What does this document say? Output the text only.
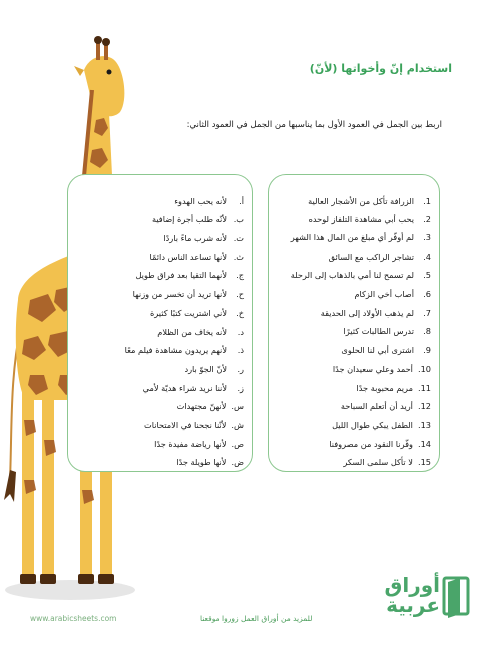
استخدام إنّ وأخواتها (لأنّ)
اربط بين الجمل في العمود الأول بما يناسبها من الجمل في العمود الثاني:
1.
الزرافة تأكل من الأشجار العالية
2.
يحب أبي مشاهدة التلفاز لوحده
3.
لم أوفّر أي مبلغ من المال هذا الشهر
4.
تشاجر الراكب مع السائق
5.
لم تسمح لنا أمي بالذهاب إلى الرحلة
6.
أصاب أخي الزكام
7.
لم يذهب الأولاد إلى الحديقة
8.
تدرس الطالبات كثيرًا
9.
اشترى أبي لنا الحلوى
10.
أحمد وعلي سعيدان جدًا
11.
مريم محبوبة جدًا
12.
أريد أن أتعلم السباحة
13.
الطفل يبكي طوال الليل
14.
وفّرنا النقود من مصروفنا
15.
لا تأكل سلمى السكر
أ.
لأنه يحب الهدوء
ب.
لأنّه طلب أجرة إضافية
ت.
لأنه شرب ماءً باردًا
ث.
لأنها تساعد الناس دائمًا
ج.
لأنهما التقيا بعد فراق طويل
ح.
لأنها تريد أن تخسر من وزنها
خ.
لأني اشتريت كتبًا كثيرة
د.
لأنه يخاف من الظلام
ذ.
لأنهم يريدون مشاهدة فيلم معًا
ر.
لأنّ الجوّ بارد
ز.
لأننا نريد شراء هديّة لأمي
س.
لأنهنّ مجتهدات
ش.
لأنّنا نجحنا في الامتحانات
ص.
لأنها رياضة مفيدة جدًا
ض.
لأنها طويلة جدًا
www.arabicsheets.com	للمزيد من أوراق العمل زوروا موقعنا
أوراق
عربية
